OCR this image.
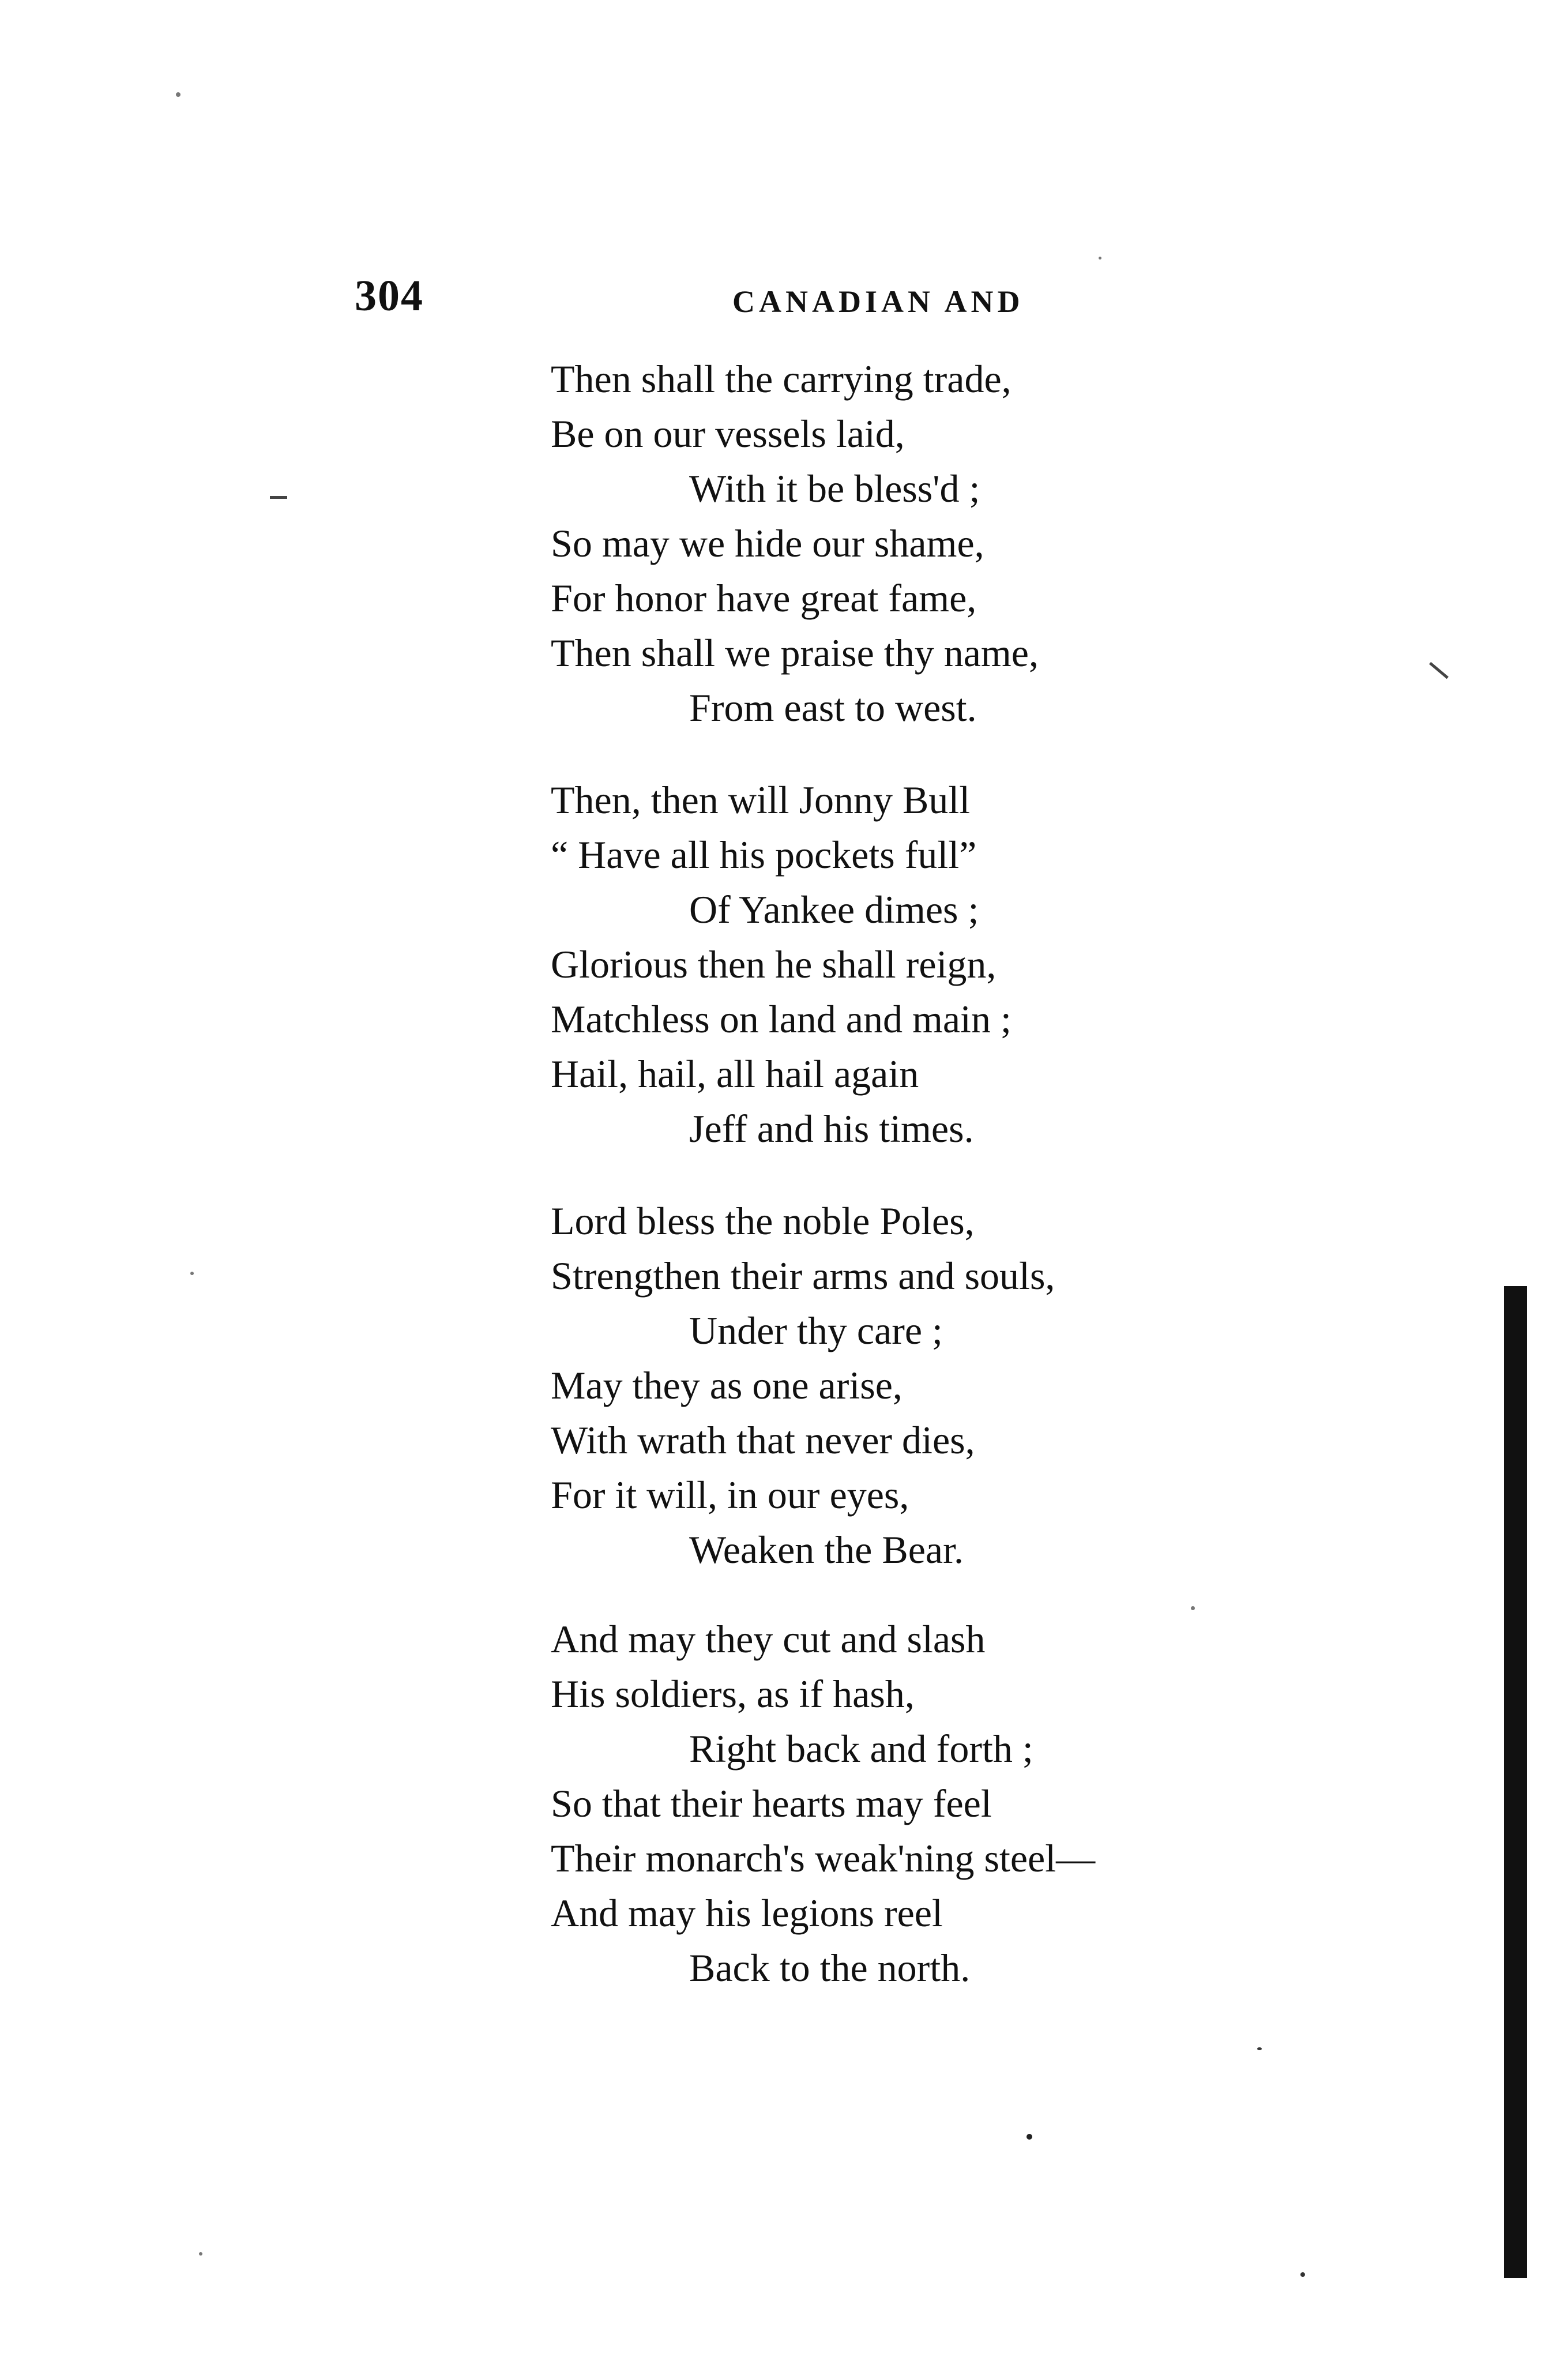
304	CANADIAN AND
Then shall the carrying trade,
Be on our vessels laid,
With it be bless'd ;
So may we hide our shame,
For honor have great fame,
Then shall we praise thy name,
From east to west.
Then, then will Jonny Bull
“ Have all his pockets full”
Of Yankee dimes ;
Glorious then he shall reign,
Matchless on land and main ;
Hail, hail, all hail again
Jeff and his times.
Lord bless the noble Poles,
Strengthen their arms and souls,
Under thy care ;
May they as one arise,
With wrath that never dies,
For it will, in our eyes,
Weaken the Bear.
And may they cut and slash
His soldiers, as if hash,
Right back and forth ;
So that their hearts may feel
Their monarch's weak'ning steel—
And may his legions reel
Back to the north.
